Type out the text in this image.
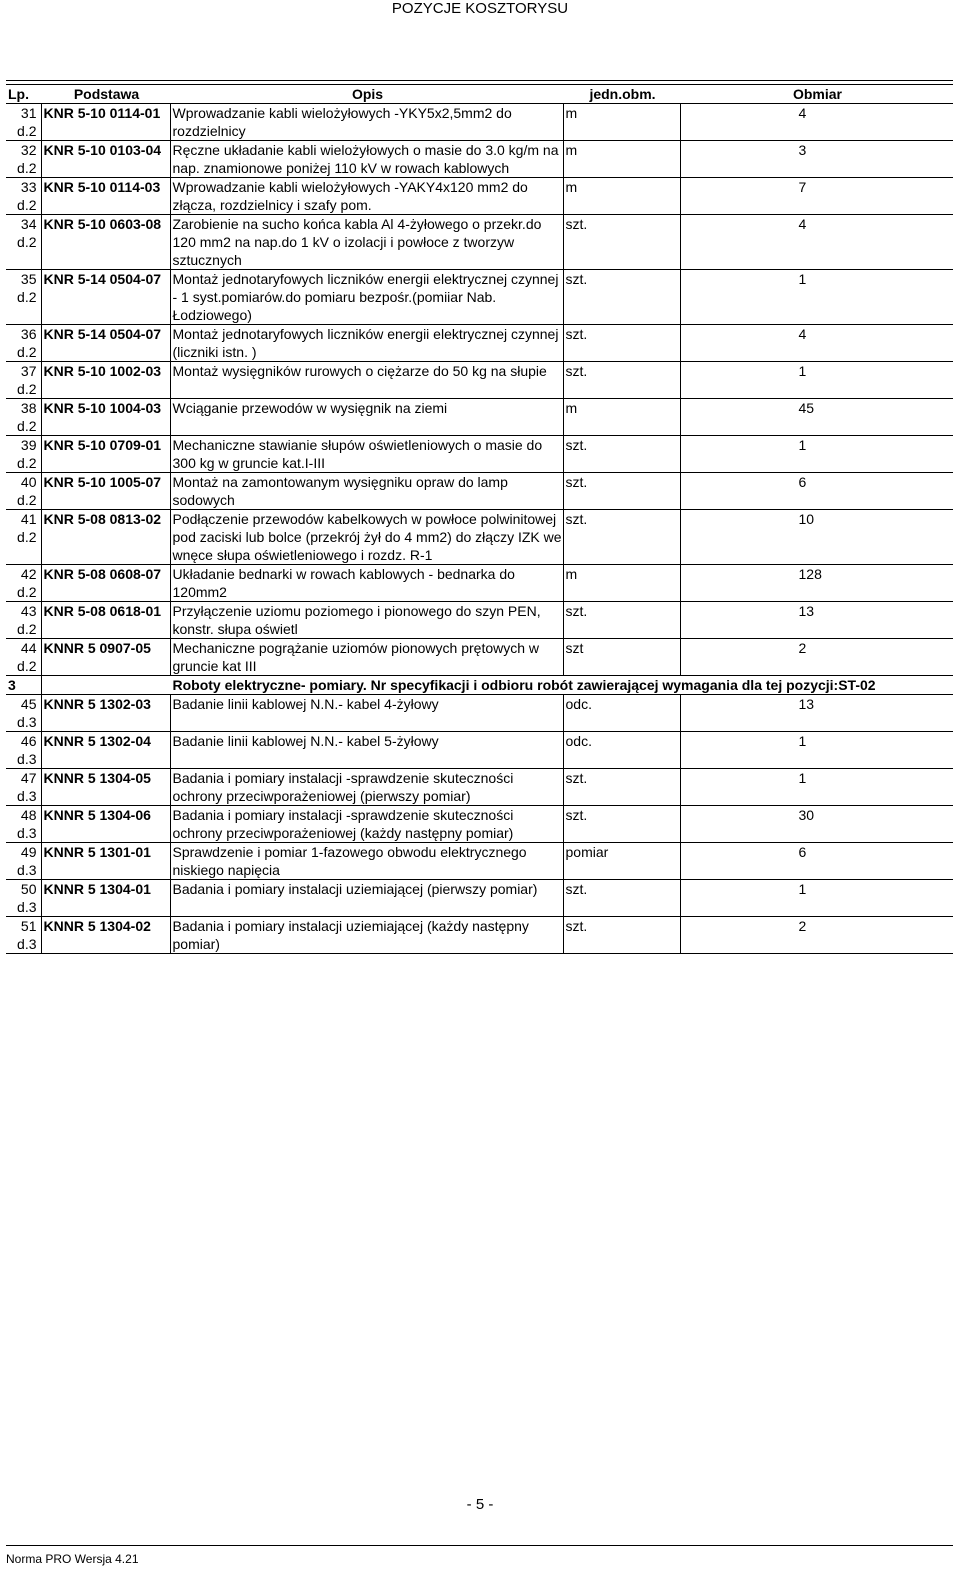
POZYCJE KOSZTORYSU
Lp.	Podstawa	Opis	jedn.obm.	Obmiar
31 d.2	KNR 5-10 0114-01	Wprowadzanie kabli wielożyłowych -YKY5x2,5mm2 do rozdzielnicy	m	4
32 d.2	KNR 5-10 0103-04	Ręczne układanie kabli wielożyłowych o masie do 3.0 kg/m na nap. znamionowe poniżej 110 kV w rowach kablowych	m	3
33 d.2	KNR 5-10 0114-03	Wprowadzanie kabli wielożyłowych -YAKY4x120 mm2 do złącza, rozdzielnicy i szafy pom.	m	7
34 d.2	KNR 5-10 0603-08	Zarobienie na sucho końca kabla Al 4-żyłowego o przekr.do 120 mm2 na nap.do 1 kV o izolacji i powłoce z tworzyw sztucznych	szt.	4
35 d.2	KNR 5-14 0504-07	Montaż jednotaryfowych liczników energii elektrycznej czynnej - 1 syst.pomiarów.do pomiaru bezpośr.(pomiiar Nab. Łodziowego)	szt.	1
36 d.2	KNR 5-14 0504-07	Montaż jednotaryfowych liczników energii elektrycznej czynnej (liczniki istn. )	szt.	4
37 d.2	KNR 5-10 1002-03	Montaż wysięgników rurowych o ciężarze do 50 kg na słupie	szt.	1
38 d.2	KNR 5-10 1004-03	Wciąganie przewodów w wysięgnik na ziemi	m	45
39 d.2	KNR 5-10 0709-01	Mechaniczne stawianie słupów oświetleniowych o masie do 300 kg w gruncie kat.I-III	szt.	1
40 d.2	KNR 5-10 1005-07	Montaż na zamontowanym wysięgniku opraw do lamp sodowych	szt.	6
41 d.2	KNR 5-08 0813-02	Podłączenie przewodów kabelkowych w powłoce polwinitowej pod zaciski lub bolce (przekrój żył do 4 mm2) do złączy IZK we wnęce słupa oświetleniowego i rozdz. R-1	szt.	10
42 d.2	KNR 5-08 0608-07	Układanie bednarki w rowach kablowych - bednarka do 120mm2	m	128
43 d.2	KNR 5-08 0618-01	Przyłączenie uziomu poziomego i pionowego do szyn PEN, konstr. słupa oświetl	szt.	13
44 d.2	KNNR 5 0907-05	Mechaniczne pogrążanie uziomów pionowych prętowych w gruncie kat III	szt	2
3	Roboty elektryczne- pomiary. Nr specyfikacji i odbioru robót zawierającej wymagania dla tej pozycji:ST-02			
45 d.3	KNNR 5 1302-03	Badanie linii kablowej N.N.- kabel 4-żyłowy	odc.	13
46 d.3	KNNR 5 1302-04	Badanie linii kablowej N.N.- kabel 5-żyłowy	odc.	1
47 d.3	KNNR 5 1304-05	Badania i pomiary instalacji -sprawdzenie skuteczności ochrony przeciwporażeniowej (pierwszy pomiar)	szt.	1
48 d.3	KNNR 5 1304-06	Badania i pomiary instalacji -sprawdzenie skuteczności ochrony przeciwporażeniowej (każdy następny pomiar)	szt.	30
49 d.3	KNNR 5 1301-01	Sprawdzenie i pomiar 1-fazowego obwodu elektrycznego niskiego napięcia	pomiar	6
50 d.3	KNNR 5 1304-01	Badania i pomiary instalacji uziemiającej (pierwszy pomiar)	szt.	1
51 d.3	KNNR 5 1304-02	Badania i pomiary instalacji uziemiającej (każdy następny pomiar)	szt.	2
- 5 -
Norma PRO Wersja 4.21
